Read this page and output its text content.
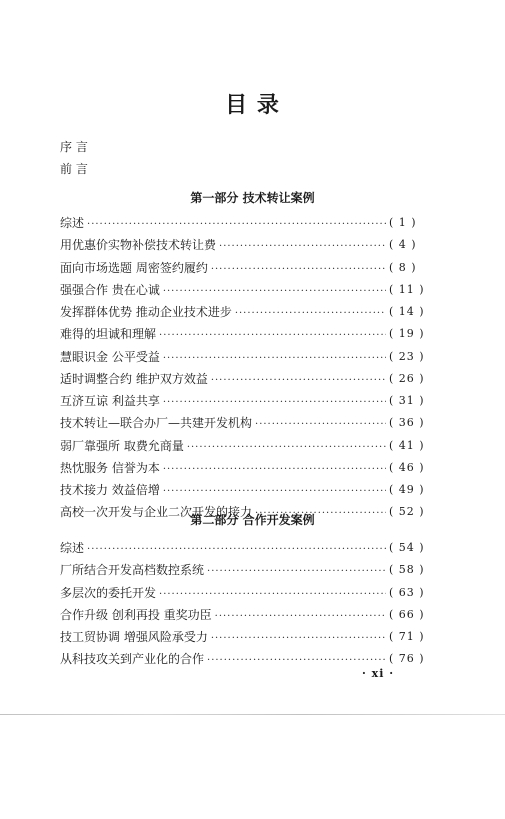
目 录
序 言
前 言
第一部分 技术转让案例
综述 ·····	( 1 )
用优惠价实物补偿技术转让费 ·····	( 4 )
面向市场选题 周密签约履约 ·····	( 8 )
强强合作 贵在心诚 ·····	( 11 )
发挥群体优势 推动企业技术进步 ·····	( 14 )
难得的坦诚和理解 ·····	( 19 )
慧眼识金 公平受益 ·····	( 23 )
适时调整合约 维护双方效益 ·····	( 26 )
互济互谅 利益共享 ·····	( 31 )
技术转让—联合办厂—共建开发机构 ·····	( 36 )
弱厂靠强所 取费允商量 ·····	( 41 )
热忱服务 信誉为本 ·····	( 46 )
技术接力 效益倍增 ·····	( 49 )
高校一次开发与企业二次开发的接力 ·····	( 52 )
第二部分 合作开发案例
综述 ·····	( 54 )
厂所结合开发高档数控系统 ·····	( 58 )
多层次的委托开发 ·····	( 63 )
合作升级 创利再投 重奖功臣 ·····	( 66 )
技工贸协调 增强风险承受力 ·····	( 71 )
从科技攻关到产业化的合作 ·····	( 76 )
· xi ·
